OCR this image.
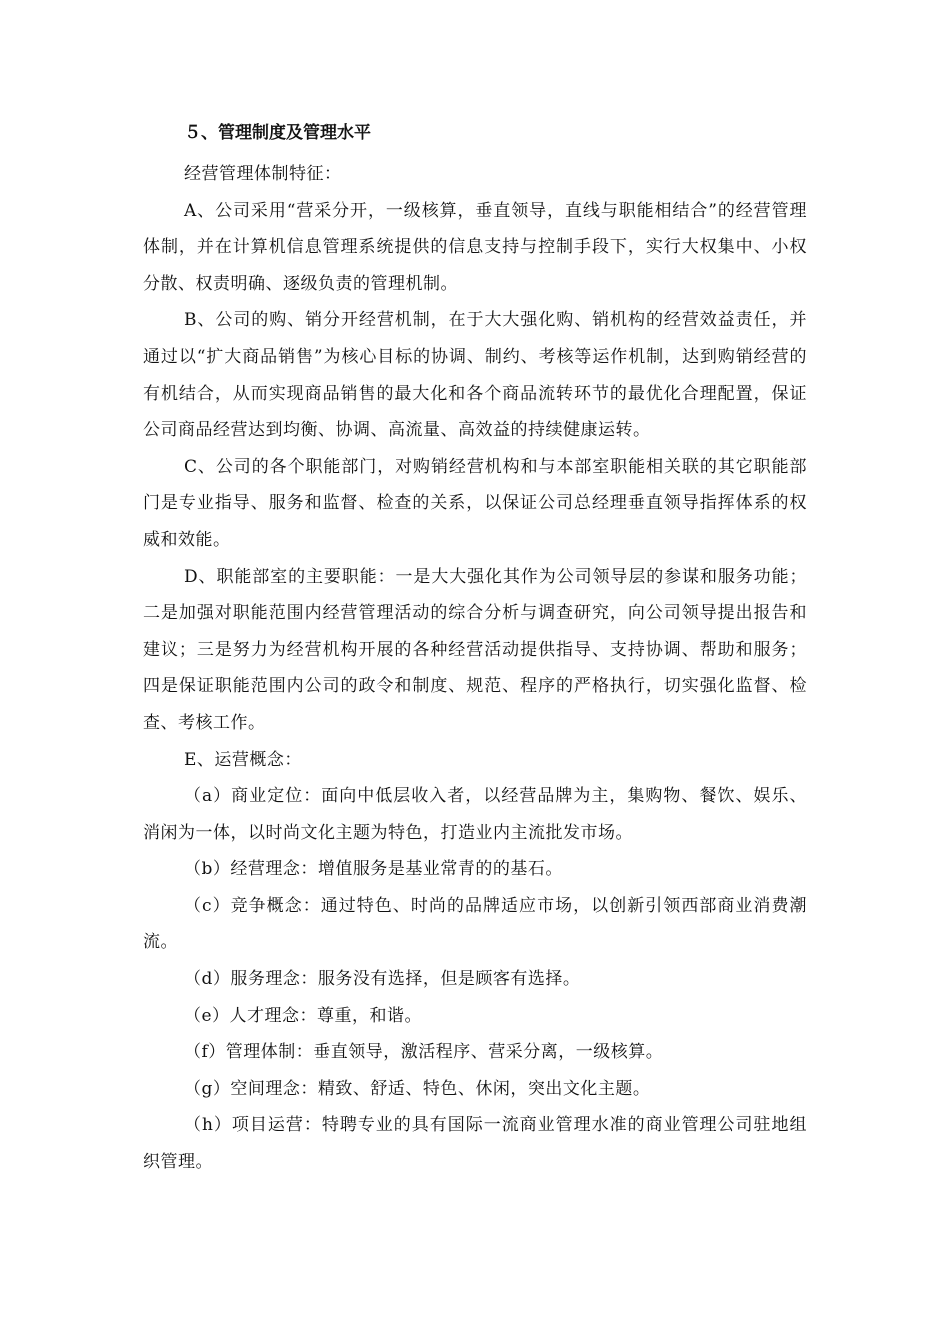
５、管理制度及管理水平

经营管理体制特征：

A、公司采用“营采分开，一级核算，垂直领导，直线与职能相结合”的经营管理体制，并在计算机信息管理系统提供的信息支持与控制手段下，实行大权集中、小权分散、权责明确、逐级负责的管理机制。

B、公司的购、销分开经营机制，在于大大强化购、销机构的经营效益责任，并通过以“扩大商品销售”为核心目标的协调、制约、考核等运作机制，达到购销经营的有机结合，从而实现商品销售的最大化和各个商品流转环节的最优化合理配置，保证公司商品经营达到均衡、协调、高流量、高效益的持续健康运转。

C、公司的各个职能部门，对购销经营机构和与本部室职能相关联的其它职能部门是专业指导、服务和监督、检查的关系，以保证公司总经理垂直领导指挥体系的权威和效能。

D、职能部室的主要职能：一是大大强化其作为公司领导层的参谋和服务功能；二是加强对职能范围内经营管理活动的综合分析与调查研究，向公司领导提出报告和建议；三是努力为经营机构开展的各种经营活动提供指导、支持协调、帮助和服务；四是保证职能范围内公司的政令和制度、规范、程序的严格执行，切实强化监督、检查、考核工作。

E、运营概念：

（a）商业定位：面向中低层收入者，以经营品牌为主，集购物、餐饮、娱乐、消闲为一体，以时尚文化主题为特色，打造业内主流批发市场。

（b）经营理念：增值服务是基业常青的的基石。

（c）竞争概念：通过特色、时尚的品牌适应市场，以创新引领西部商业消费潮流。

（d）服务理念：服务没有选择，但是顾客有选择。

（e）人才理念：尊重，和谐。

（f）管理体制：垂直领导，激活程序、营采分离，一级核算。

（g）空间理念：精致、舒适、特色、休闲，突出文化主题。

（h）项目运营：特聘专业的具有国际一流商业管理水准的商业管理公司驻地组织管理。
